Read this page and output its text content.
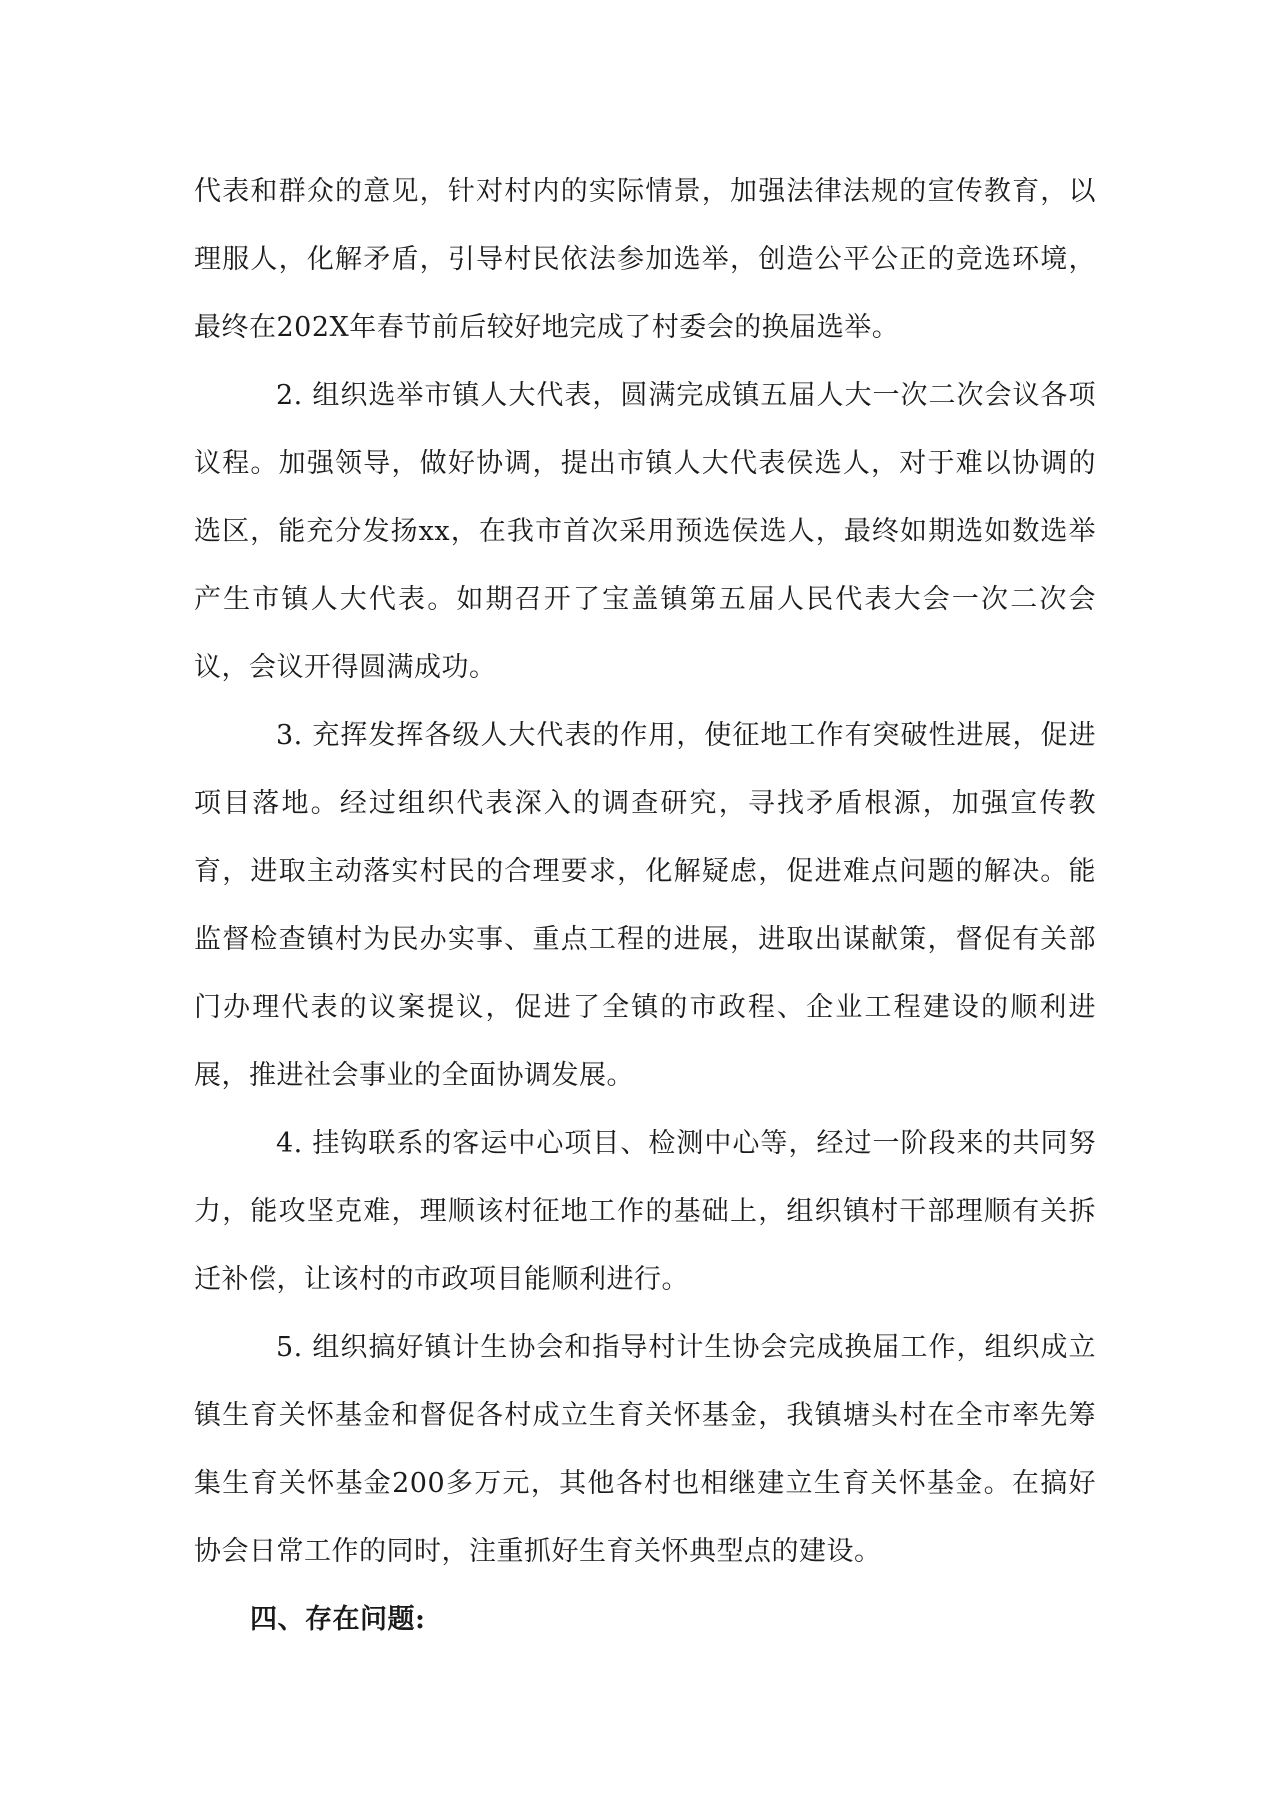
代表和群众的意见，针对村内的实际情景，加强法律法规的宣传教育，以理服人，化解矛盾，引导村民依法参加选举，创造公平公正的竞选环境，最终在202X年春节前后较好地完成了村委会的换届选举。

2. 组织选举市镇人大代表，圆满完成镇五届人大一次二次会议各项议程。加强领导，做好协调，提出市镇人大代表侯选人，对于难以协调的选区，能充分发扬xx，在我市首次采用预选侯选人，最终如期选如数选举产生市镇人大代表。如期召开了宝盖镇第五届人民代表大会一次二次会议，会议开得圆满成功。

3. 充挥发挥各级人大代表的作用，使征地工作有突破性进展，促进项目落地。经过组织代表深入的调查研究，寻找矛盾根源，加强宣传教育，进取主动落实村民的合理要求，化解疑虑，促进难点问题的解决。能监督检查镇村为民办实事、重点工程的进展，进取出谋献策，督促有关部门办理代表的议案提议，促进了全镇的市政程、企业工程建设的顺利进展，推进社会事业的全面协调发展。

4. 挂钩联系的客运中心项目、检测中心等，经过一阶段来的共同努力，能攻坚克难，理顺该村征地工作的基础上，组织镇村干部理顺有关拆迁补偿，让该村的市政项目能顺利进行。

5. 组织搞好镇计生协会和指导村计生协会完成换届工作，组织成立镇生育关怀基金和督促各村成立生育关怀基金，我镇塘头村在全市率先筹集生育关怀基金200多万元，其他各村也相继建立生育关怀基金。在搞好协会日常工作的同时，注重抓好生育关怀典型点的建设。

四、存在问题:
